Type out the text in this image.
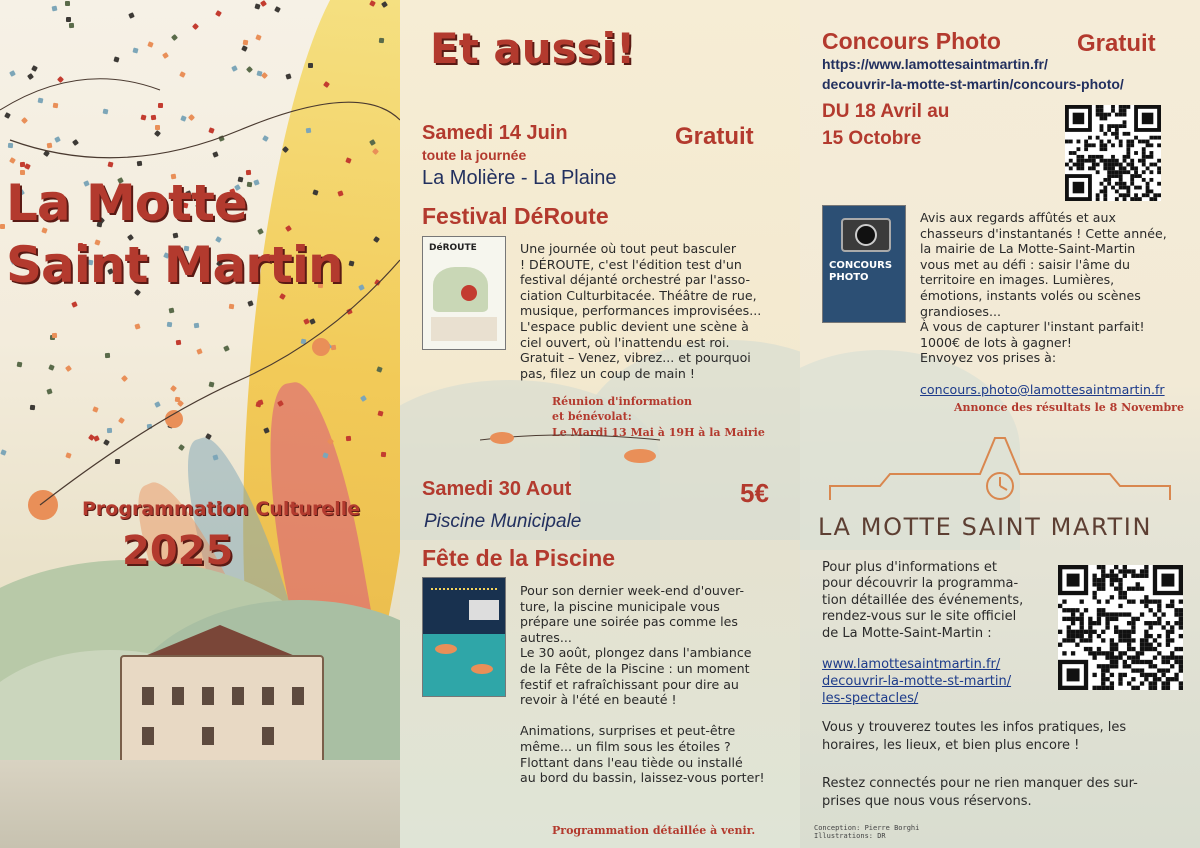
La Motte
Saint Martin
Programmation Culturelle
2025
Et aussi!
Samedi 14 Juin
toute la journée
Gratuit
La Molière - La Plaine
Festival DéRoute
DéROUTE	Une journée où tout peut basculer
! DÉROUTE, c'est l'édition test d'un
festival déjanté orchestré par l'asso-
ciation Culturbitacée. Théâtre de rue,
musique, performances improvisées...
L'espace public devient une scène à
ciel ouvert, où l'inattendu est roi.
Gratuit – Venez, vibrez... et pourquoi
pas, filez un coup de main !
Réunion d'information
et bénévolat:
Le Mardi 13 Mai à 19H à la Mairie
Samedi 30 Aout	5€
Piscine Municipale
Fête de la Piscine
Pour son dernier week-end d'ouver-
ture, la piscine municipale vous
prépare une soirée pas comme les
autres...
Le 30 août, plongez dans l'ambiance
de la Fête de la Piscine : un moment
festif et rafraîchissant pour dire au
revoir à l'été en beauté !

Animations, surprises et peut-être
même... un film sous les étoiles ?
Flottant dans l'eau tiède ou installé
au bord du bassin, laissez-vous porter!
Programmation détaillée à venir.
Concours Photo	Gratuit
https://www.lamottesaintmartin.fr/
decouvrir-la-motte-st-martin/concours-photo/
DU 18 Avril au
15 Octobre
CONCOURS
PHOTO
Avis aux regards affûtés et aux
chasseurs d'instantanés ! Cette année,
la mairie de La Motte-Saint-Martin
vous met au défi : saisir l'âme du
territoire en images. Lumières,
émotions, instants volés ou scènes
grandioses...
À vous de capturer l'instant parfait!
1000€ de lots à gagner!
Envoyez vos prises à:
concours.photo@lamottesaintmartin.fr
Annonce des résultats le 8 Novembre
LA MOTTE SAINT MARTIN
Pour plus d'informations et
pour découvrir la programma-
tion détaillée des événements,
rendez-vous sur le site officiel
de La Motte-Saint-Martin :
www.lamottesaintmartin.fr/
decouvrir-la-motte-st-martin/
les-spectacles/
Vous y trouverez toutes les infos pratiques, les
horaires, les lieux, et bien plus encore !
Restez connectés pour ne rien manquer des sur-
prises que nous vous réservons.
Conception: Pierre Borghi
Illustrations: DR
